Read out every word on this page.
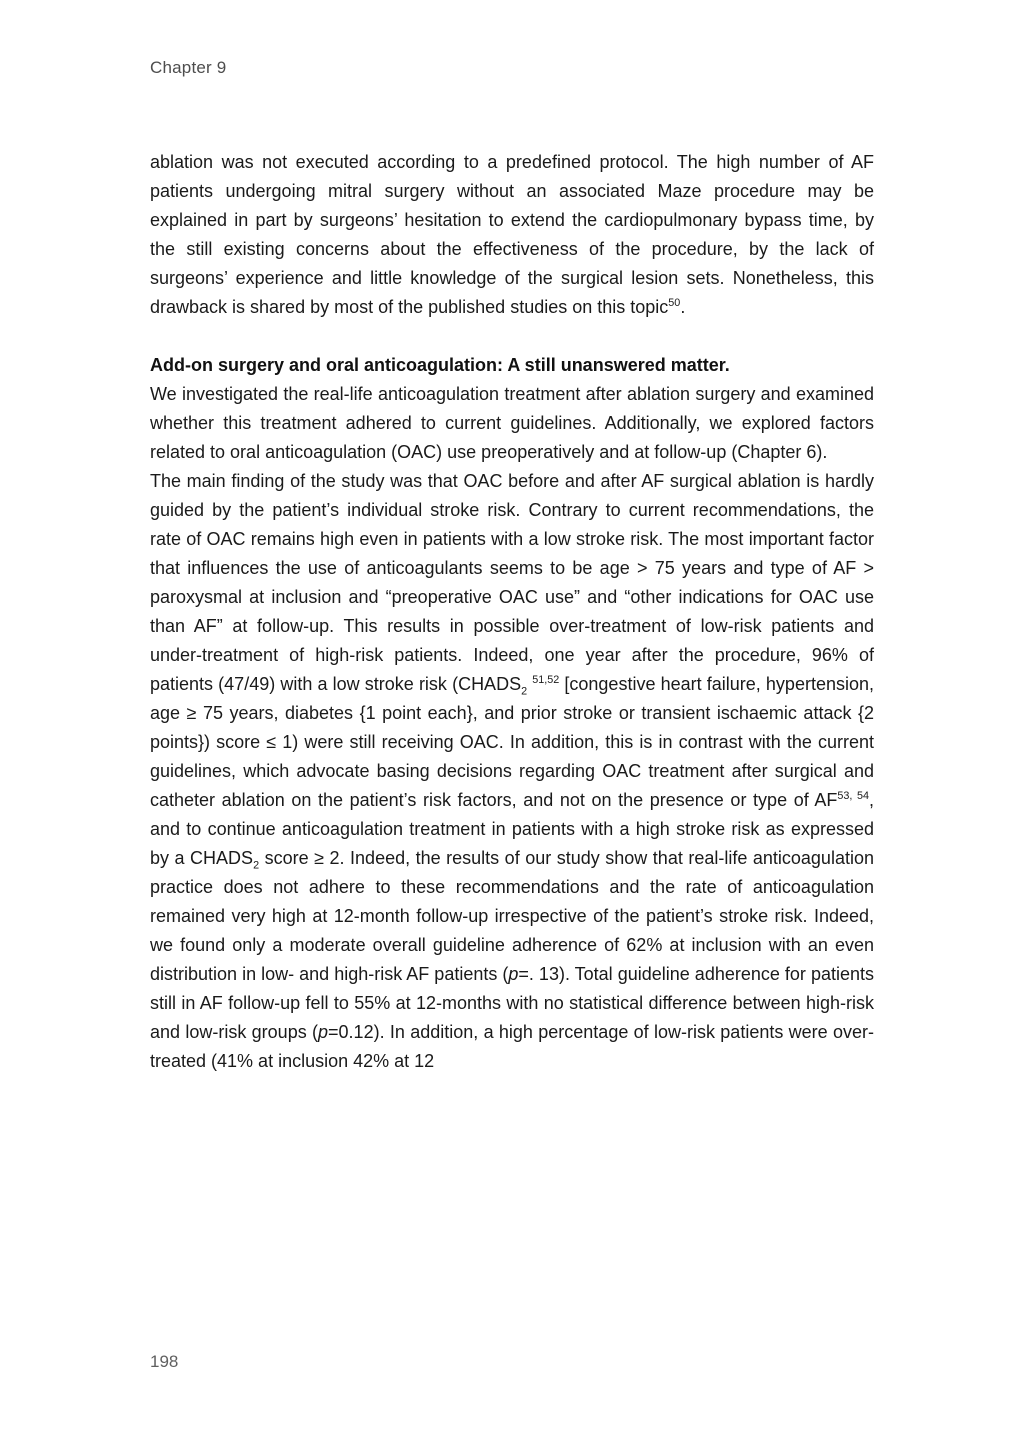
Chapter 9

ablation was not executed according to a predefined protocol. The high number of AF patients undergoing mitral surgery without an associated Maze procedure may be explained in part by surgeons’ hesitation to extend the cardiopulmonary bypass time, by the still existing concerns about the effectiveness of the procedure, by the lack of surgeons’ experience and little knowledge of the surgical lesion sets. Nonetheless, this drawback is shared by most of the published studies on this topic$^{50}$.

Add-on surgery and oral anticoagulation: A still unanswered matter.

We investigated the real-life anticoagulation treatment after ablation surgery and examined whether this treatment adhered to current guidelines. Additionally, we explored factors related to oral anticoagulation (OAC) use preoperatively and at follow-up (Chapter 6).

The main finding of the study was that OAC before and after AF surgical ablation is hardly guided by the patient’s individual stroke risk. Contrary to current recommendations, the rate of OAC remains high even in patients with a low stroke risk. The most important factor that influences the use of anticoagulants seems to be age > 75 years and type of AF > paroxysmal at inclusion and “preoperative OAC use” and “other indications for OAC use than AF” at follow-up. This results in possible over-treatment of low-risk patients and under-treatment of high-risk patients. Indeed, one year after the procedure, 96% of patients (47/49) with a low stroke risk ($CHADS_2$ $^{51,52}$ [congestive heart failure, hypertension, age ≥ 75 years, diabetes {1 point each}, and prior stroke or transient ischaemic attack {2 points}) score ≤ 1) were still receiving OAC. In addition, this is in contrast with the current guidelines, which advocate basing decisions regarding OAC treatment after surgical and catheter ablation on the patient’s risk factors, and not on the presence or type of AF$^{53, 54}$, and to continue anticoagulation treatment in patients with a high stroke risk as expressed by a $CHADS_2$ score ≥ 2. Indeed, the results of our study show that real-life anticoagulation practice does not adhere to these recommendations and the rate of anticoagulation remained very high at 12-month follow-up irrespective of the patient’s stroke risk. Indeed, we found only a moderate overall guideline adherence of 62% at inclusion with an even distribution in low- and high-risk AF patients (p=. 13). Total guideline adherence for patients still in AF follow-up fell to 55% at 12-months with no statistical difference between high-risk and low-risk groups (p=0.12). In addition, a high percentage of low-risk patients were over-treated (41% at inclusion 42% at 12

198
